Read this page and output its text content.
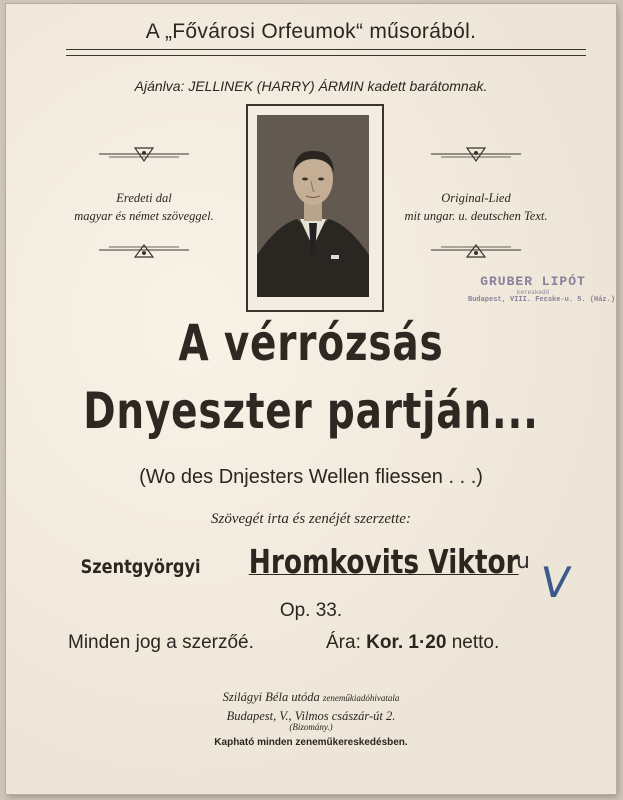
A „Fővárosi Orfeumok“ műsorából.
Ajánlva: JELLINEK (HARRY) ÁRMIN kadett barátomnak.
Eredeti dal
magyar és német szöveggel.
Original-Lied
mit ungar. u. deutschen Text.
GRUBER LIPÓT
kereskedő
Budapest, VIII. Fecske-u. 5. (Ház.)
A vérrózsás
Dnyeszter partján...
(Wo des Dnjesters Wellen fliessen . . .)
Szövegét irta és zenéjét szerzette:
Szentgyörgyi Hromkovits Viktor
u V
Op. 33.
Minden jog a szerzőé.	Ára: Kor. 1·20 netto.
Szilágyi Béla utóda zeneműkiadóhivatala
Budapest, V., Vilmos császár-út 2.
(Bizomány.)
Kapható minden zeneműkereskedésben.
